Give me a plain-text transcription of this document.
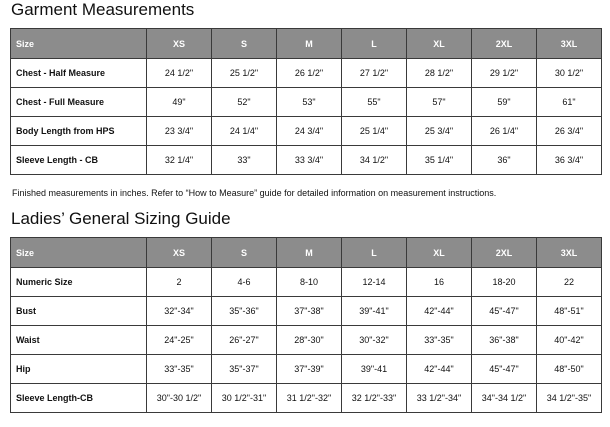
Garment Measurements
Size	XS	S	M	L	XL	2XL	3XL
Chest - Half Measure	24 1/2"	25 1/2"	26 1/2"	27 1/2"	28 1/2"	29 1/2"	30 1/2"
Chest - Full Measure	49"	52"	53"	55"	57"	59"	61"
Body Length from HPS	23 3/4"	24 1/4"	24 3/4"	25 1/4"	25 3/4"	26 1/4"	26 3/4"
Sleeve Length - CB	32 1/4"	33"	33 3/4"	34 1/2"	35 1/4"	36"	36 3/4"

Finished measurements in inches. Refer to “How to Measure” guide for detailed information on measurement instructions.

Ladies’ General Sizing Guide
Size	XS	S	M	L	XL	2XL	3XL
Numeric Size	2	4-6	8-10	12-14	16	18-20	22
Bust	32"-34"	35"-36"	37"-38"	39"-41"	42"-44"	45"-47"	48"-51"
Waist	24"-25"	26"-27"	28"-30"	30"-32"	33"-35"	36"-38"	40"-42"
Hip	33"-35"	35"-37"	37"-39"	39"-41	42"-44"	45"-47"	48"-50"
Sleeve Length-CB	30"-30 1/2"	30 1/2"-31"	31 1/2"-32"	32 1/2"-33"	33 1/2"-34"	34"-34 1/2"	34 1/2"-35"
